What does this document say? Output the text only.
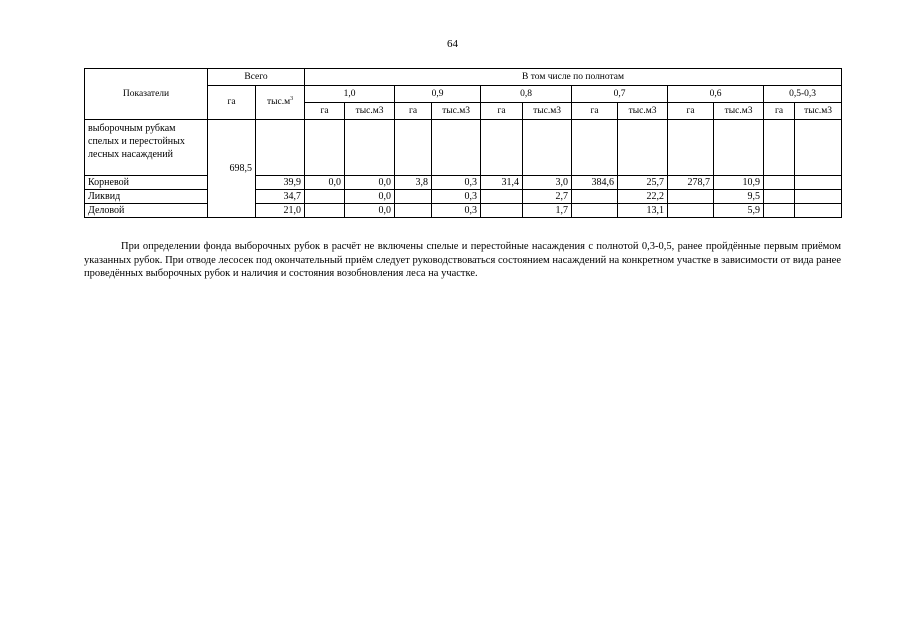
64
Показатели	Всего		В том числе по полнотам											
	га	$тыс.м^3$	1,0		0,9		0,8		0,7		0,6		0,5-0,3	
			га	тыс.м3	га	тыс.м3	га	тыс.м3	га	тыс.м3	га	тыс.м3	га	тыс.м3
выборочным рубкам спелых и перестойных лесных насаждений	698,5													
Корневой		39,9	0,0	0,0	3,8	0,3	31,4	3,0	384,6	25,7	278,7	10,9		
Ликвид		34,7		0,0		0,3		2,7		22,2		9,5		
Деловой		21,0		0,0		0,3		1,7		13,1		5,9		

При определении фонда выборочных рубок в расчёт не включены спелые и перестойные насаждения с полнотой 0,3-0,5, ранее пройдённые первым приёмом указанных рубок. При отводе лесосек под окончательный приём следует руководствоваться состоянием насаждений на конкретном участке в зависимости от вида ранее проведённых выборочных рубок и наличия и состояния возобновления леса на участке.
